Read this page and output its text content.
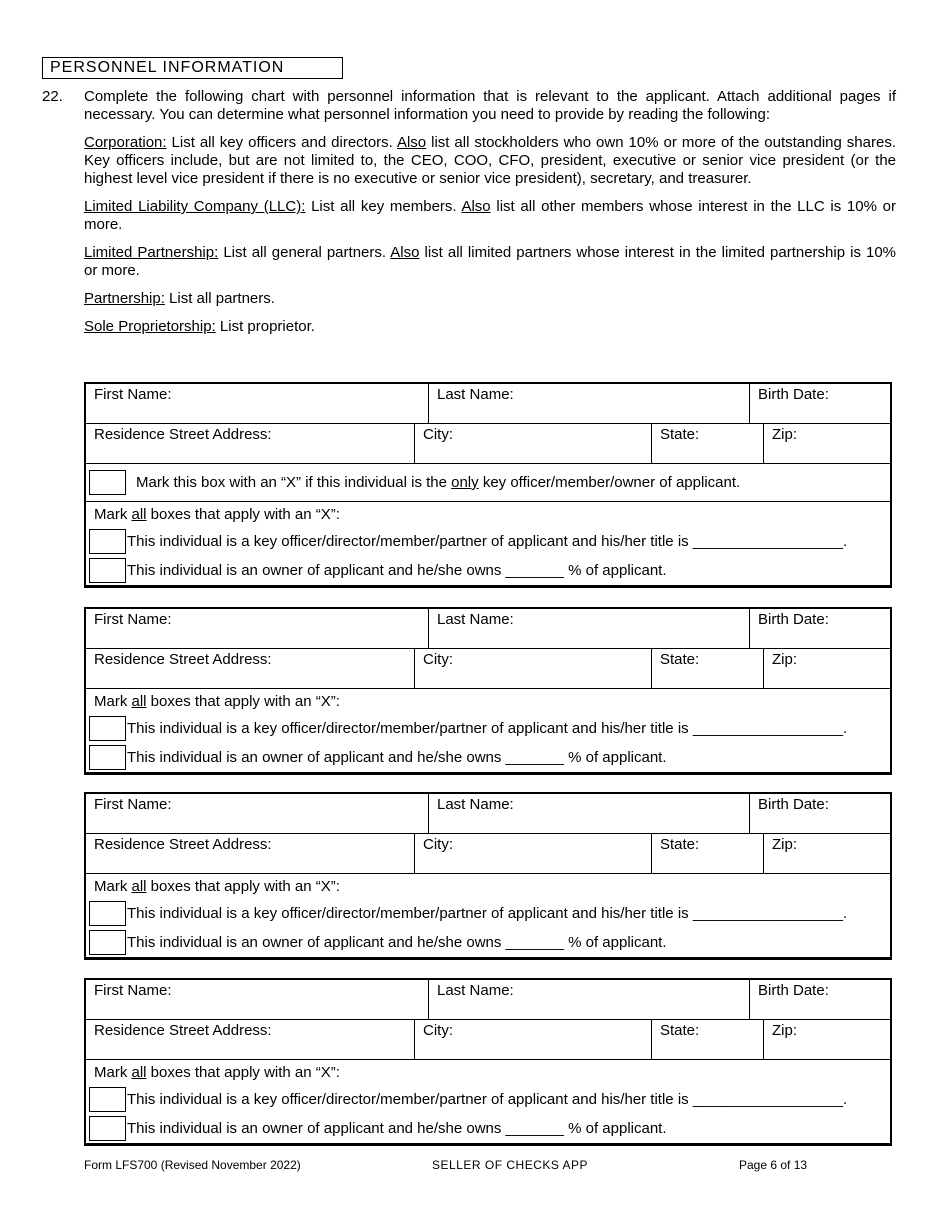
PERSONNEL INFORMATION
22. Complete the following chart with personnel information that is relevant to the applicant. Attach additional pages if necessary. You can determine what personnel information you need to provide by reading the following:

Corporation: List all key officers and directors. Also list all stockholders who own 10% or more of the outstanding shares. Key officers include, but are not limited to, the CEO, COO, CFO, president, executive or senior vice president (or the highest level vice president if there is no executive or senior vice president), secretary, and treasurer.

Limited Liability Company (LLC): List all key members. Also list all other members whose interest in the LLC is 10% or more.

Limited Partnership: List all general partners. Also list all limited partners whose interest in the limited partnership is 10% or more.

Partnership: List all partners.

Sole Proprietorship: List proprietor.

First Name:	Last Name:	Birth Date:
Residence Street Address:	City:	State:	Zip:
Mark this box with an “X” if this individual is the only key officer/member/owner of applicant.
Mark all boxes that apply with an “X”:
This individual is a key officer/director/member/partner of applicant and his/her title is __________________.
This individual is an owner of applicant and he/she owns _______ % of applicant.
First Name:	Last Name:	Birth Date:
Residence Street Address:	City:	State:	Zip:
Mark all boxes that apply with an “X”:
This individual is a key officer/director/member/partner of applicant and his/her title is __________________.
This individual is an owner of applicant and he/she owns _______ % of applicant.
First Name:	Last Name:	Birth Date:
Residence Street Address:	City:	State:	Zip:
Mark all boxes that apply with an “X”:
This individual is a key officer/director/member/partner of applicant and his/her title is __________________.
This individual is an owner of applicant and he/she owns _______ % of applicant.
First Name:	Last Name:	Birth Date:
Residence Street Address:	City:	State:	Zip:
Mark all boxes that apply with an “X”:
This individual is a key officer/director/member/partner of applicant and his/her title is __________________.
This individual is an owner of applicant and he/she owns _______ % of applicant.
Form LFS700 (Revised November 2022)	SELLER OF CHECKS APP	Page 6 of 13
